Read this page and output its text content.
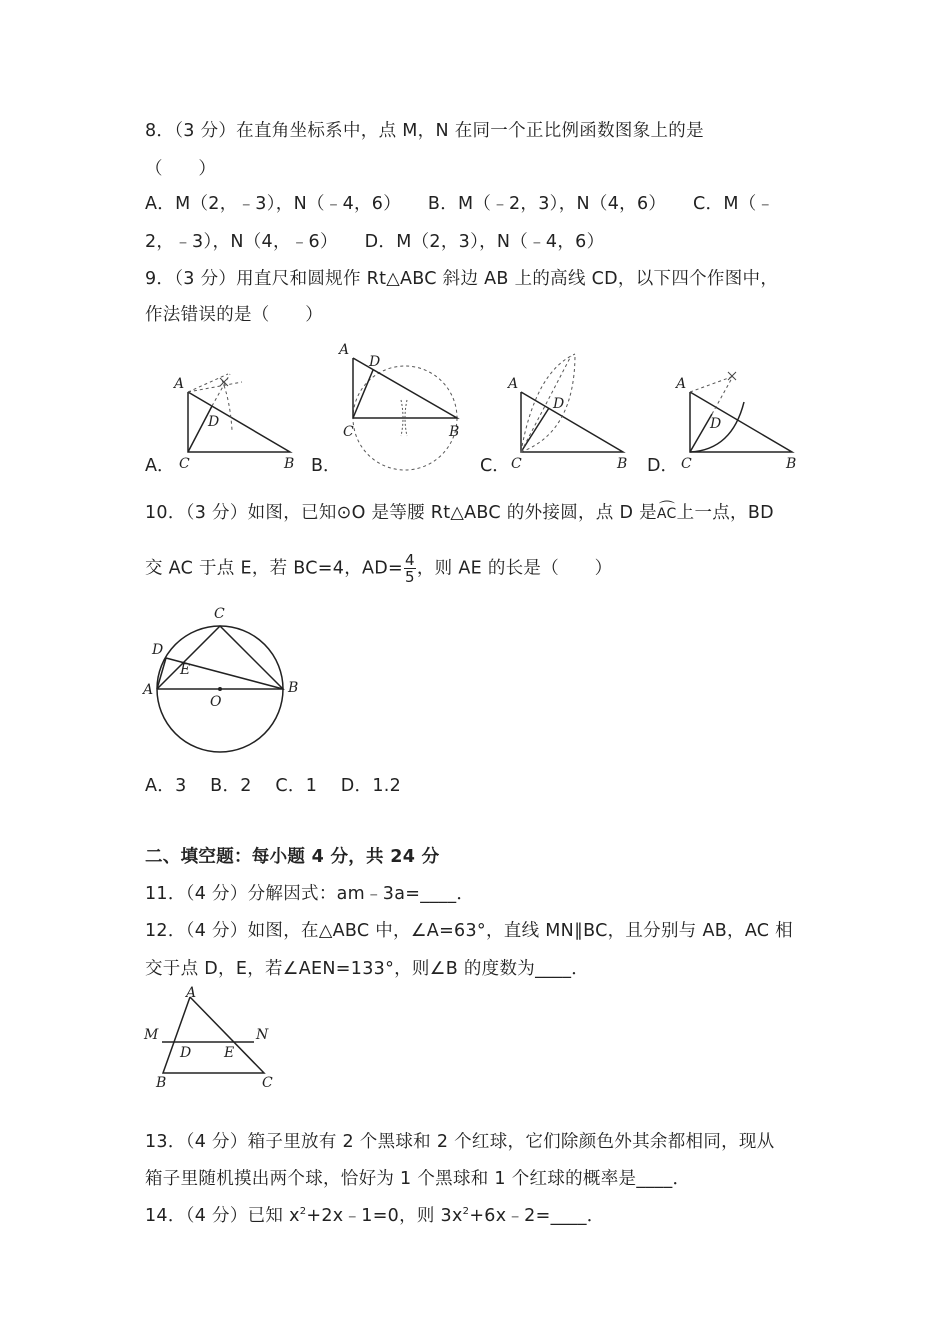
8．（3 分）在直角坐标系中，点 M，N 在同一个正比例函数图象上的是
（　　）
A．M（2，﹣3），N（﹣4，6）　　B．M（﹣2，3），N（4，6）　　C．M（﹣
2，﹣3），N（4，﹣6）　　D．M（2，3），N（﹣4，6）
9．（3 分）用直尺和圆规作 Rt△ABC 斜边 AB 上的高线 CD，以下四个作图中，
作法错误的是（　　）
A．	B．	C．	D．
A
D
C	B
A
D
C	B
A
D
C	B
A
D
C	B
10．（3 分）如图，已知⊙O 是等腰 Rt△ABC 的外接圆，点 D 是⌒ AC上一点，BD
交 AC 于点 E，若 BC=4，$AD= \frac{4}{5}$ ，则 AE 的长是（　　）
C
D
E
A	B
O
A．3　 B．2　 C．1　 D．1.2
二、填空题：每小题 4 分，共 24 分
11．（4 分）分解因式：am﹣3a=____．
12．（4 分）如图，在△ABC 中，∠A=63°，直线 MN∥BC，且分别与 AB，AC 相
交于点 D，E，若∠AEN=133°，则∠B 的度数为____．
A
M	N
D E
B	C
13．（4 分）箱子里放有 2 个黑球和 2 个红球，它们除颜色外其余都相同，现从
箱子里随机摸出两个球，恰好为 1 个黑球和 1 个红球的概率是____．
14．（4 分）已知 $x^2+2x﹣1=0$，则 $3x^2+6x﹣2=\_\_\_\_$．
